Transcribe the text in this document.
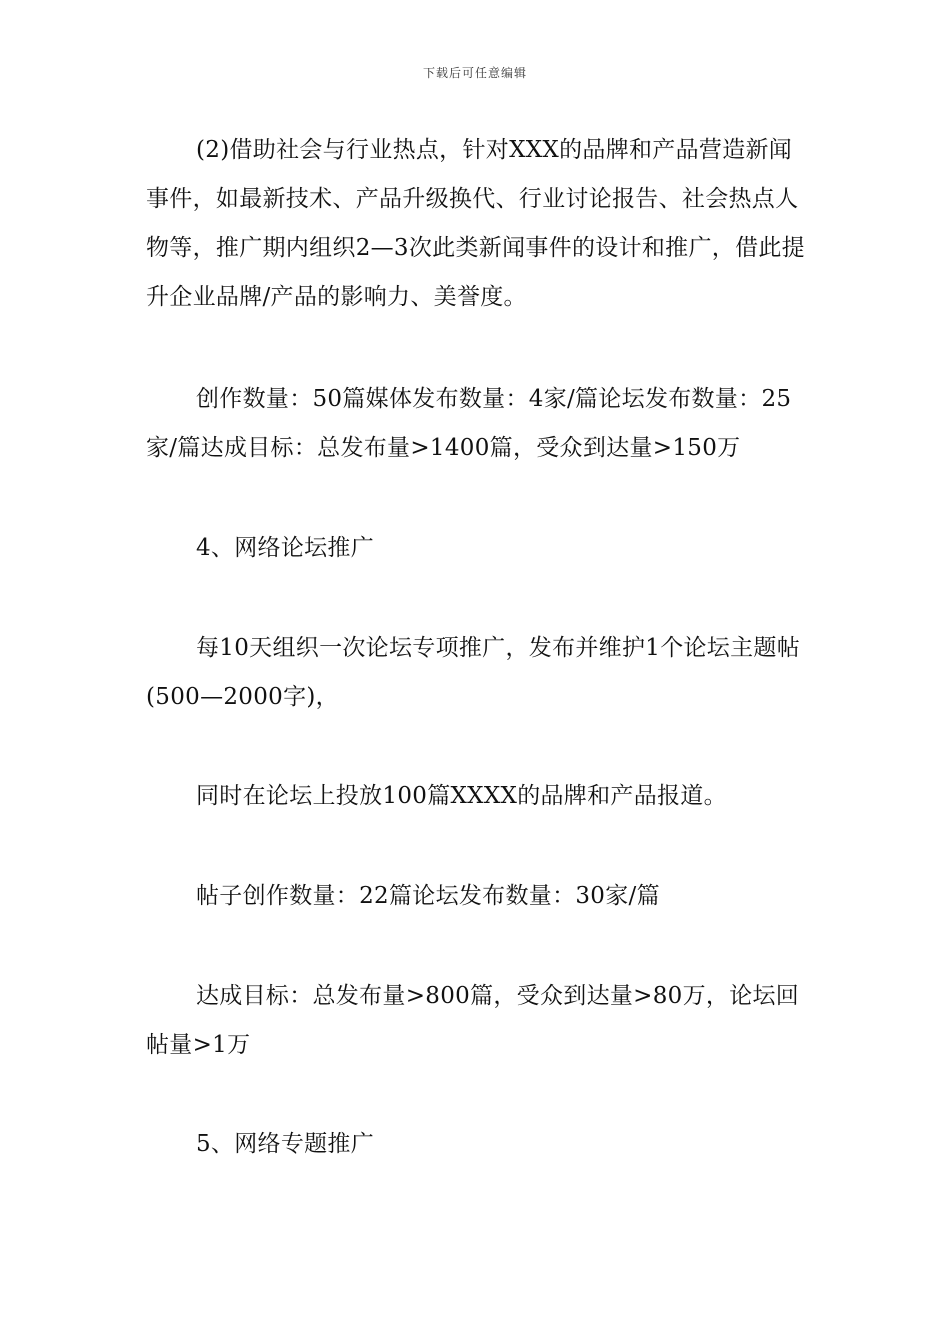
下载后可任意编辑

(2)借助社会与行业热点，针对XXX的品牌和产品营造新闻事件，如最新技术、产品升级换代、行业讨论报告、社会热点人物等，推广期内组织2—3次此类新闻事件的设计和推广，借此提升企业品牌/产品的影响力、美誉度。

创作数量：50篇媒体发布数量：4家/篇论坛发布数量：25家/篇达成目标：总发布量>1400篇，受众到达量>150万

4、网络论坛推广

每10天组织一次论坛专项推广，发布并维护1个论坛主题帖(500—2000字)，

同时在论坛上投放100篇XXXX的品牌和产品报道。

帖子创作数量：22篇论坛发布数量：30家/篇

达成目标：总发布量>800篇，受众到达量>80万，论坛回帖量>1万

5、网络专题推广
